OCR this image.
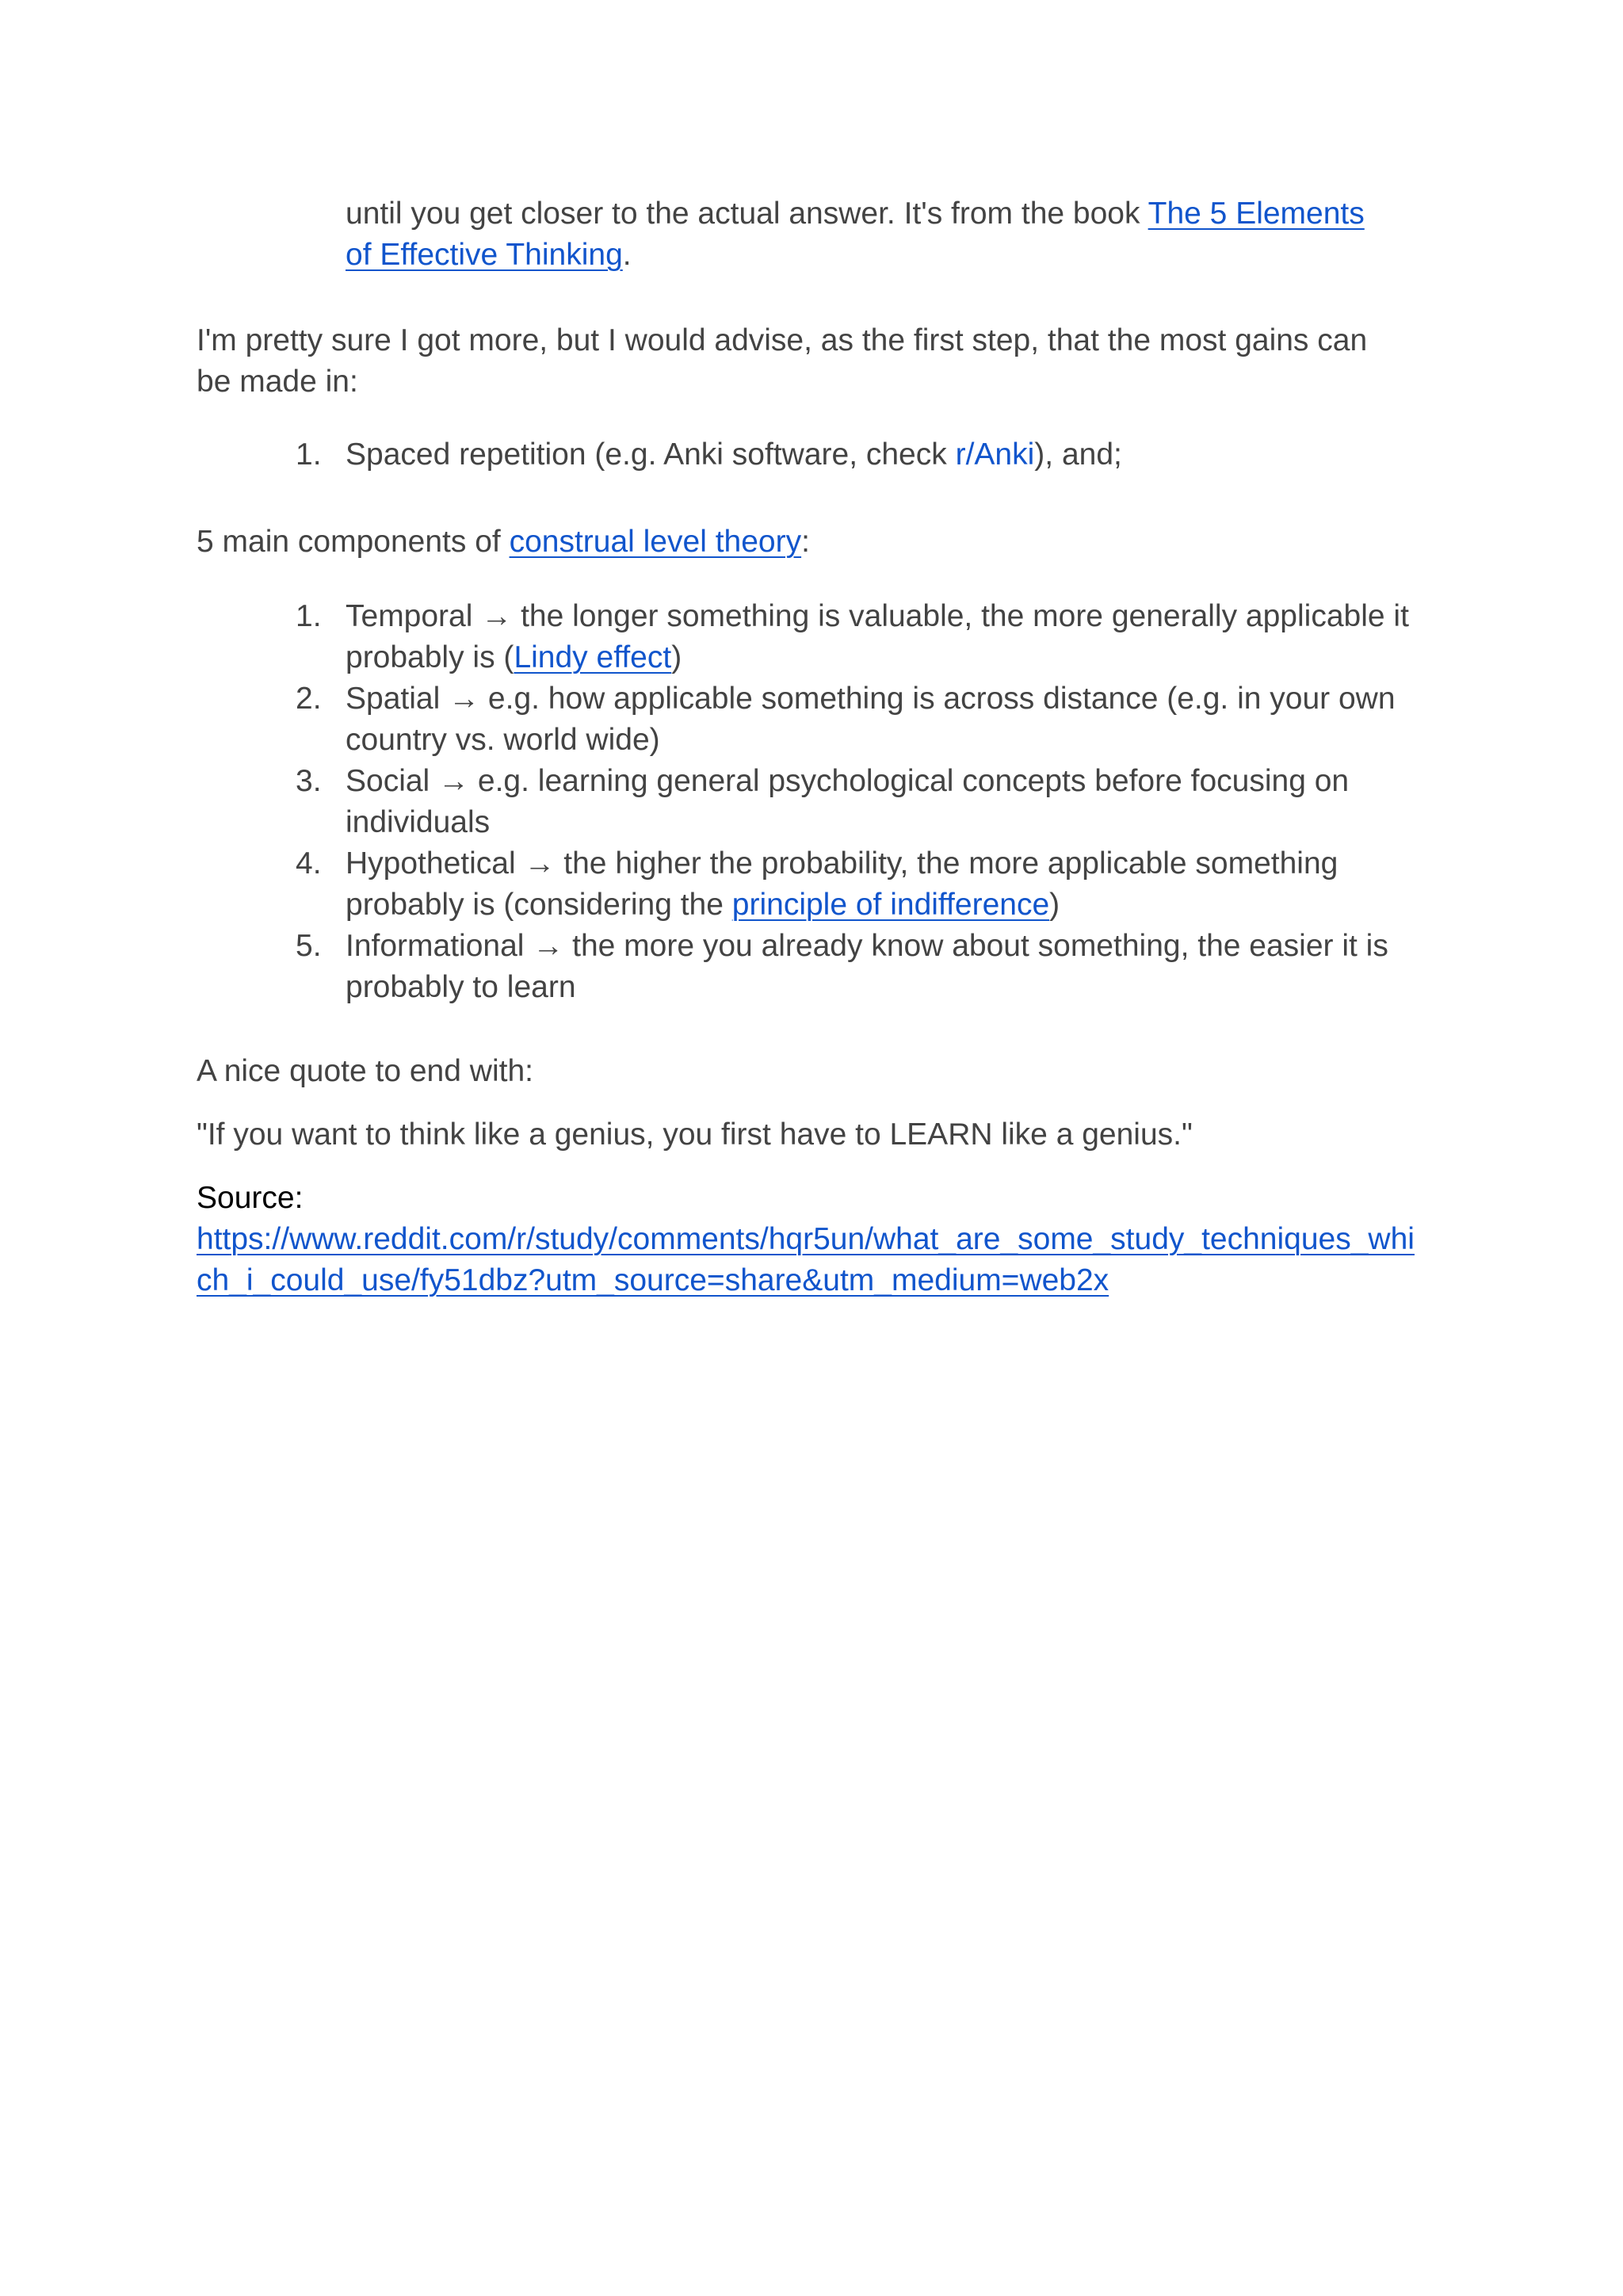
until you get closer to the actual answer. It's from the book The 5 Elements of Effective Thinking.
I'm pretty sure I got more, but I would advise, as the first step, that the most gains can be made in:
1. Spaced repetition (e.g. Anki software, check r/Anki), and;
5 main components of construal level theory:
1. Temporal → the longer something is valuable, the more generally applicable it probably is (Lindy effect)
2. Spatial → e.g. how applicable something is across distance (e.g. in your own country vs. world wide)
3. Social → e.g. learning general psychological concepts before focusing on individuals
4. Hypothetical → the higher the probability, the more applicable something probably is (considering the principle of indifference)
5. Informational → the more you already know about something, the easier it is probably to learn
A nice quote to end with:
"If you want to think like a genius, you first have to LEARN like a genius."
Source:
https://www.reddit.com/r/study/comments/hqr5un/what_are_some_study_techniques_which_i_could_use/fy51dbz?utm_source=share&utm_medium=web2x
